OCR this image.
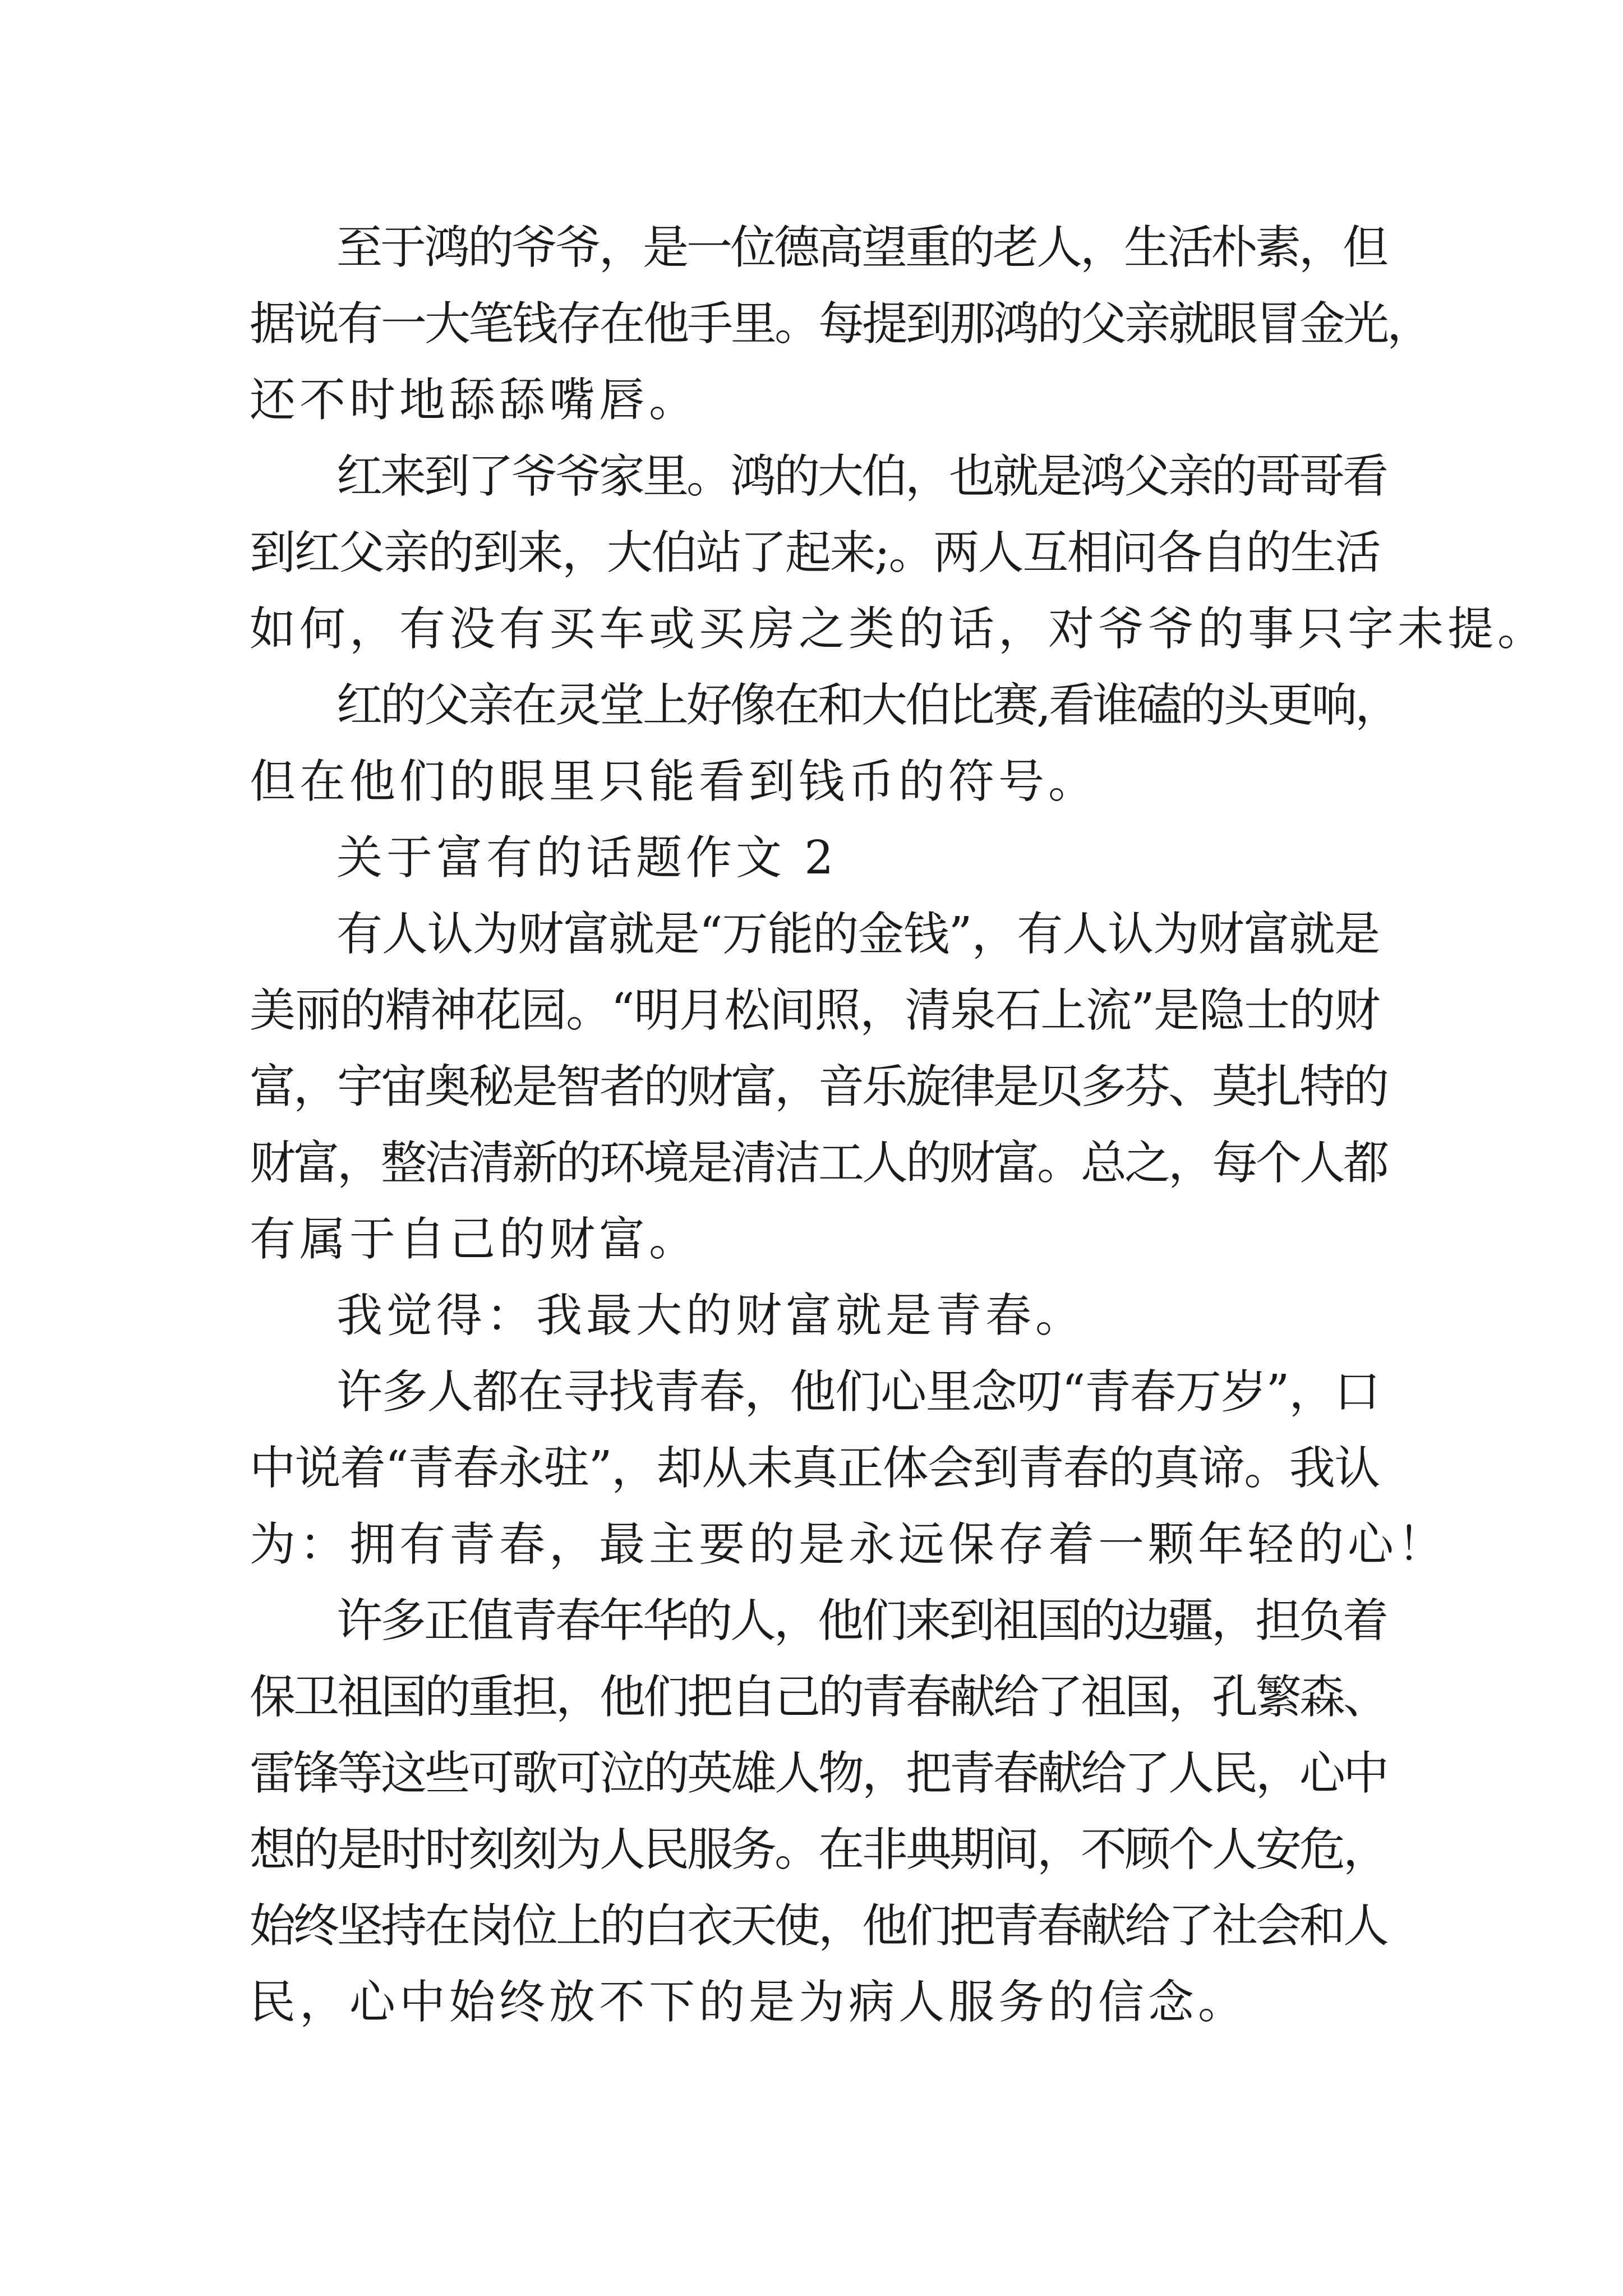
至于鸿的爷爷，是一位德高望重的老人，生活朴素，但
据说有一大笔钱存在他手里。每提到那鸿的父亲就眼冒金光，
还不时地舔舔嘴唇。
红来到了爷爷家里。鸿的大伯，也就是鸿父亲的哥哥看
到红父亲的到来，大伯站了起来;。两人互相问各自的生活
如何，有没有买车或买房之类的话，对爷爷的事只字未提。
红的父亲在灵堂上好像在和大伯比赛,看谁磕的头更响，
但在他们的眼里只能看到钱币的符号。
关于富有的话题作文 2
有人认为财富就是“万能的金钱”，有人认为财富就是
美丽的精神花园。“明月松间照，清泉石上流”是隐士的财
富，宇宙奥秘是智者的财富，音乐旋律是贝多芬、莫扎特的
财富，整洁清新的环境是清洁工人的财富。总之，每个人都
有属于自己的财富。
我觉得：我最大的财富就是青春。
许多人都在寻找青春，他们心里念叨“青春万岁”，口
中说着“青春永驻”，却从未真正体会到青春的真谛。我认
为：拥有青春，最主要的是永远保存着一颗年轻的心！
许多正值青春年华的人，他们来到祖国的边疆，担负着
保卫祖国的重担，他们把自己的青春献给了祖国，孔繁森、
雷锋等这些可歌可泣的英雄人物，把青春献给了人民，心中
想的是时时刻刻为人民服务。在非典期间，不顾个人安危，
始终坚持在岗位上的白衣天使，他们把青春献给了社会和人
民，心中始终放不下的是为病人服务的信念。
